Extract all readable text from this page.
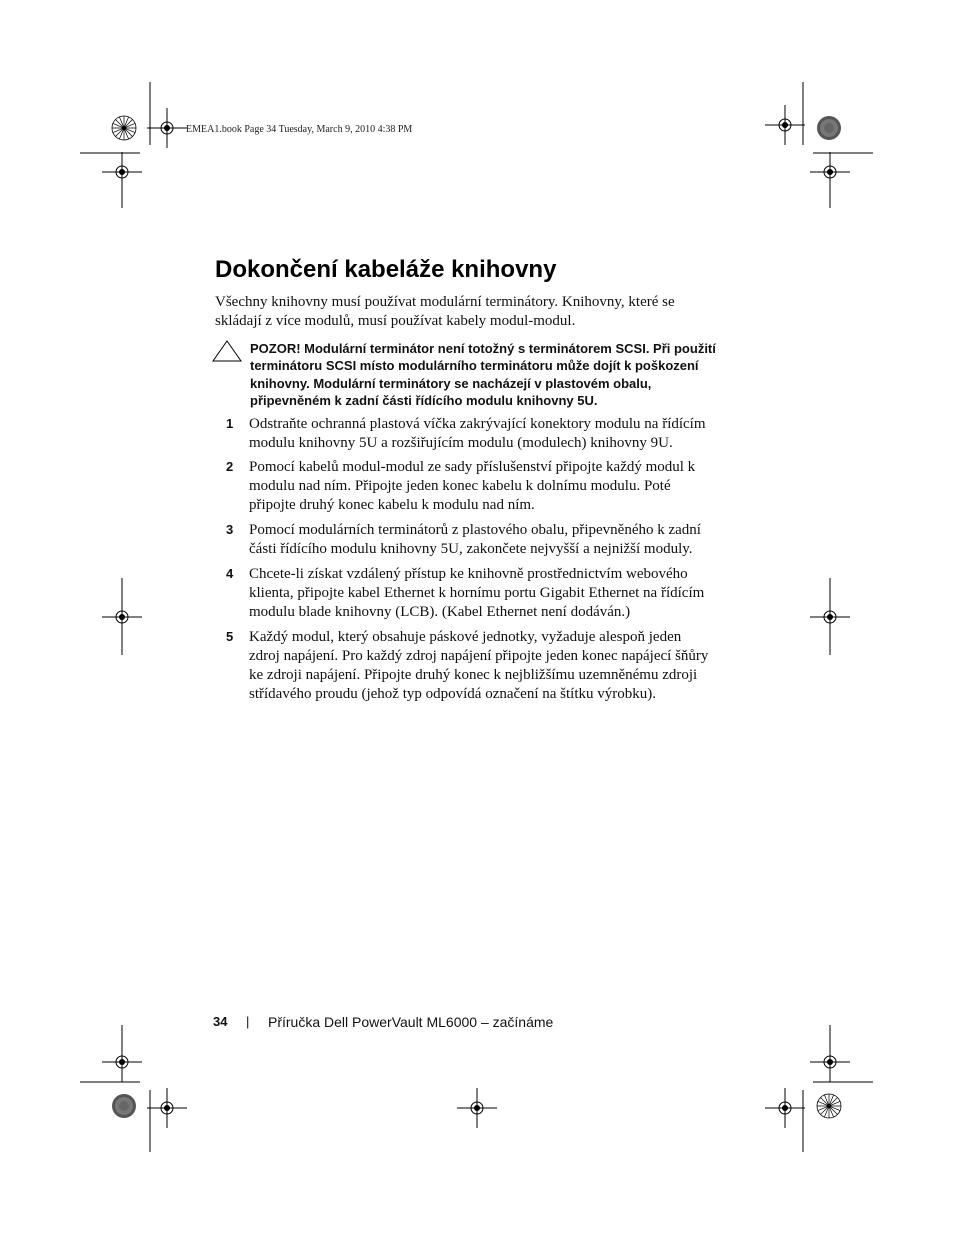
EMEA1.book Page 34 Tuesday, March 9, 2010 4:38 PM
Dokončení kabeláže knihovny

Všechny knihovny musí používat modulární terminátory. Knihovny, které se skládají z více modulů, musí používat kabely modul-modul.

POZOR! Modulární terminátor není totožný s terminátorem SCSI. Při použití terminátoru SCSI místo modulárního terminátoru může dojít k poškození knihovny. Modulární terminátory se nacházejí v plastovém obalu, připevněném k zadní části řídícího modulu knihovny 5U.

1 Odstraňte ochranná plastová víčka zakrývající konektory modulu na řídícím modulu knihovny 5U a rozšiřujícím modulu (modulech) knihovny 9U.

2 Pomocí kabelů modul-modul ze sady příslušenství připojte každý modul k modulu nad ním. Připojte jeden konec kabelu k dolnímu modulu. Poté připojte druhý konec kabelu k modulu nad ním.

3 Pomocí modulárních terminátorů z plastového obalu, připevněného k zadní části řídícího modulu knihovny 5U, zakončete nejvyšší a nejnižší moduly.

4 Chcete-li získat vzdálený přístup ke knihovně prostřednictvím webového klienta, připojte kabel Ethernet k hornímu portu Gigabit Ethernet na řídícím modulu blade knihovny (LCB). (Kabel Ethernet není dodáván.)

5 Každý modul, který obsahuje páskové jednotky, vyžaduje alespoň jeden zdroj napájení. Pro každý zdroj napájení připojte jeden konec napájecí šňůry ke zdroji napájení. Připojte druhý konec k nejbližšímu uzemněnému zdroji střídavého proudu (jehož typ odpovídá označení na štítku výrobku).

34 | Příručka Dell PowerVault ML6000 – začínáme
